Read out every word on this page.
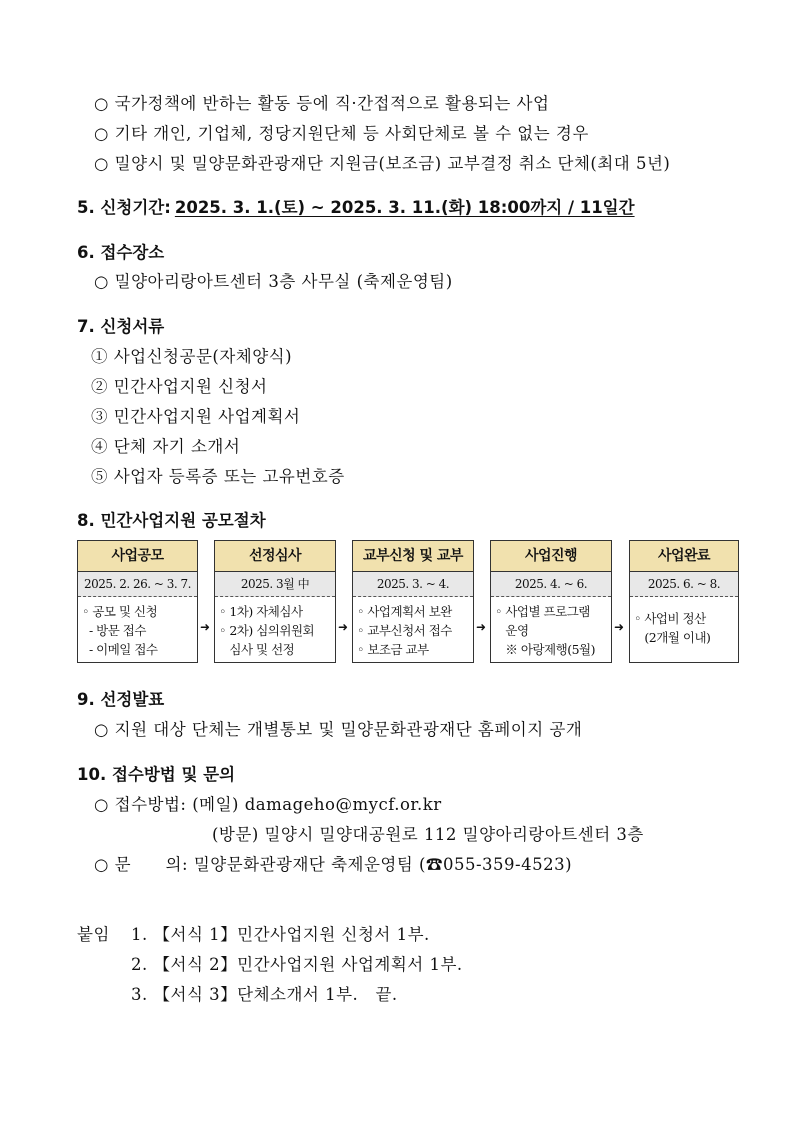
○ 국가정책에 반하는 활동 등에 직·간접적으로 활용되는 사업
○ 기타 개인, 기업체, 정당지원단체 등 사회단체로 볼 수 없는 경우
○ 밀양시 및 밀양문화관광재단 지원금(보조금) 교부결정 취소 단체(최대 5년)
5. 신청기간: 2025. 3. 1.(토) ~ 2025. 3. 11.(화) 18:00까지 / 11일간
6. 접수장소
○ 밀양아리랑아트센터 3층 사무실 (축제운영팀)
7. 신청서류
① 사업신청공문(자체양식)
② 민간사업지원 신청서
③ 민간사업지원 사업계획서
④ 단체 자기 소개서
⑤ 사업자 등록증 또는 고유번호증
8. 민간사업지원 공모절차
사업공모
2025. 2. 26. ~ 3. 7.
◦ 공모 및 신청
- 방문 접수
- 이메일 접수
➜
선정심사
2025. 3월 中
◦ 1차) 자체심사
◦ 2차) 심의위원회
심사 및 선정
➜
교부신청 및 교부
2025. 3. ~ 4.
◦ 사업계획서 보완
◦ 교부신청서 접수
◦ 보조금 교부
➜
사업진행
2025. 4. ~ 6.
◦ 사업별 프로그램
운영
※ 아랑제행(5월)
➜
사업완료
2025. 6. ~ 8.
◦ 사업비 정산
(2개월 이내)
9. 선정발표
○ 지원 대상 단체는 개별통보 및 밀양문화관광재단 홈페이지 공개
10. 접수방법 및 문의
○ 접수방법: (메일) damageho@mycf.or.kr
(방문) 밀양시 밀양대공원로 112 밀양아리랑아트센터 3층
○ 문      의: 밀양문화관광재단 축제운영팀 (☎055-359-4523)
붙임 1. 【서식 1】민간사업지원 신청서 1부.
2. 【서식 2】민간사업지원 사업계획서 1부.
3. 【서식 3】단체소개서 1부.   끝.
